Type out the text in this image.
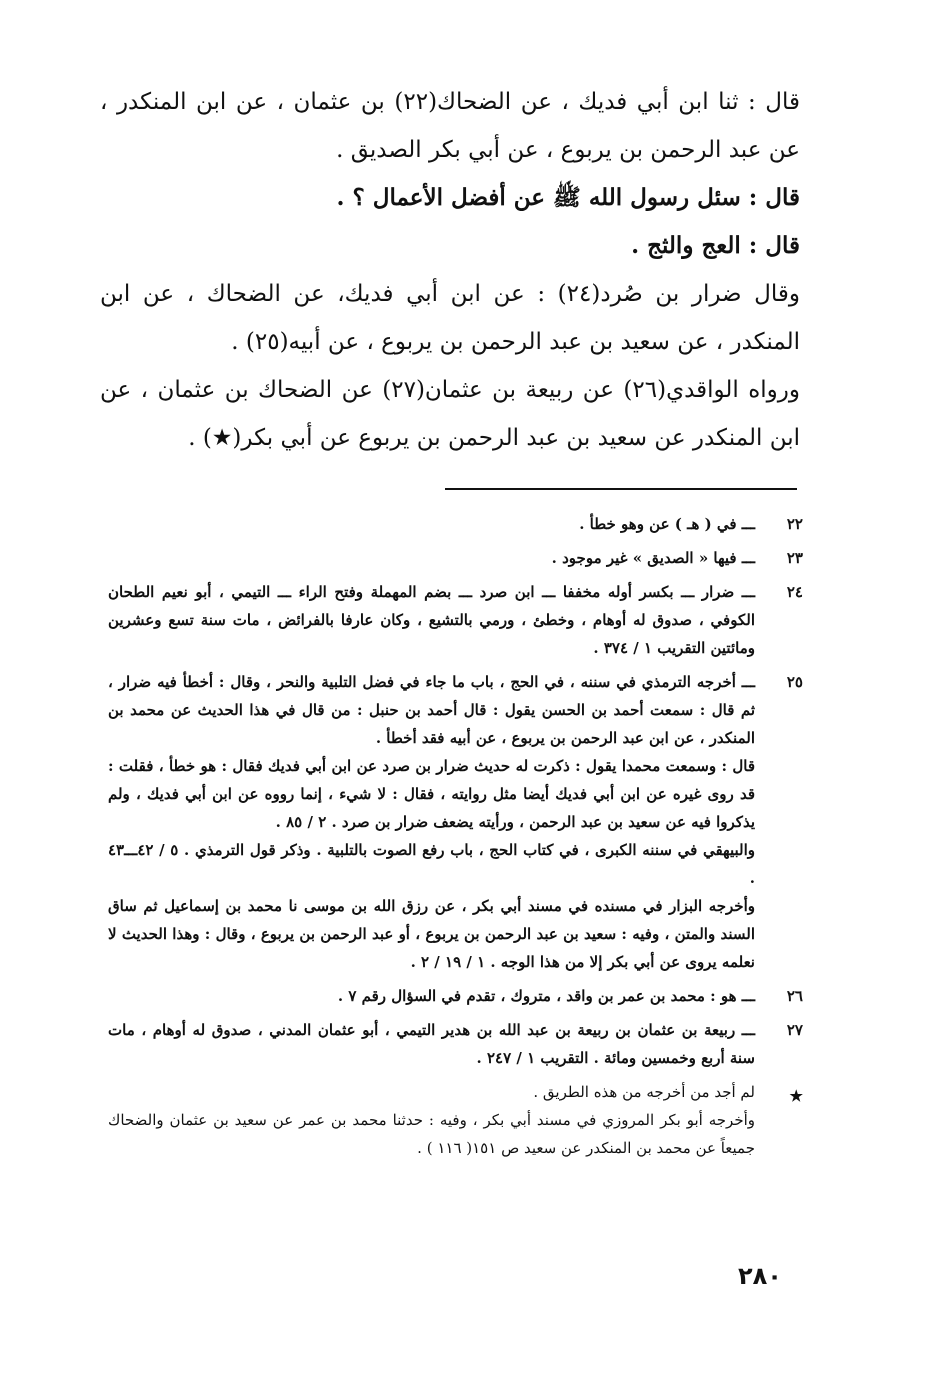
قال : ثنا ابن أبي فديك ، عن الضحاك(٢٢) بن عثمان ، عن ابن المنكدر ، عن عبد الرحمن بن يربوع ، عن أبي بكر الصديق .

قال : سئل رسول الله ﷺ عن أفضل الأعمال ؟ .

قال : العج والثج .

وقال ضرار بن صُرد(٢٤) : عن ابن أبي فديك، عن الضحاك ، عن ابن المنكدر ، عن سعيد بن عبد الرحمن بن يربوع ، عن أبيه(٢٥) .

ورواه الواقدي(٢٦) عن ربيعة بن عثمان(٢٧) عن الضحاك بن عثمان ، عن ابن المنكدر عن سعيد بن عبد الرحمن بن يربوع عن أبي بكر(★) .

٢٢

ـــ في ( هـ ) عن وهو خطأ .

٢٣

ـــ فيها « الصديق » غير موجود .

٢٤

ـــ ضرار ـــ بكسر أوله مخففا ـــ ابن صرد ـــ بضم المهملة وفتح الراء ـــ التيمي ، أبو نعيم الطحان الكوفي ، صدوق له أوهام ، وخطئ ، ورمي بالتشيع ، وكان عارفا بالفرائض ، مات سنة تسع وعشرين ومائتين التقريب ١ / ٣٧٤ .

٢٥

ـــ أخرجه الترمذي في سننه ، في الحج ، باب ما جاء في فضل التلبية والنحر ، وقال : أخطأ فيه ضرار ، ثم قال : سمعت أحمد بن الحسن يقول : قال أحمد بن حنبل : من قال في هذا الحديث عن محمد بن المنكدر ، عن ابن عبد الرحمن بن يربوع ، عن أبيه فقد أخطأ .

قال : وسمعت محمدا يقول : ذكرت له حديث ضرار بن صرد عن ابن أبي فديك فقال : هو خطأ ، فقلت : قد روى غيره عن ابن أبي فديك أيضا مثل روايته ، فقال : لا شيء ، إنما رووه عن ابن أبي فديك ، ولم يذكروا فيه عن سعيد بن عبد الرحمن ، ورأيته يضعف ضرار بن صرد . ٢ / ٨٥ .

والبيهقي في سننه الكبرى ، في كتاب الحج ، باب رفع الصوت بالتلبية . وذكر قول الترمذي . ٥ / ٤٢ـــ٤٣ .

وأخرجه البزار في مسنده في مسند أبي بكر ، عن رزق الله بن موسى نا محمد بن إسماعيل ثم ساق السند والمتن ، وفيه : سعيد بن عبد الرحمن بن يربوع ، أو عبد الرحمن بن يربوع ، وقال : وهذا الحديث لا نعلمه يروى عن أبي بكر إلا من هذا الوجه . ١ / ١٩ / ٢ .

٢٦

ـــ هو : محمد بن عمر بن واقد ، متروك ، تقدم في السؤال رقم ٧ .

٢٧

ـــ ربيعة بن عثمان بن ربيعة بن عبد الله بن هدير التيمي ، أبو عثمان المدني ، صدوق له أوهام ، مات سنة أربع وخمسين ومائة . التقريب ١ / ٢٤٧ .

★

لم أجد من أخرجه من هذه الطريق .

وأخرجه أبو بكر المروزي في مسند أبي بكر ، وفيه : حدثنا محمد بن عمر عن سعيد بن عثمان والضحاك جميعاً عن محمد بن المنكدر عن سعيد ص ١٥١( ١١٦ ) .

٢٨٠
